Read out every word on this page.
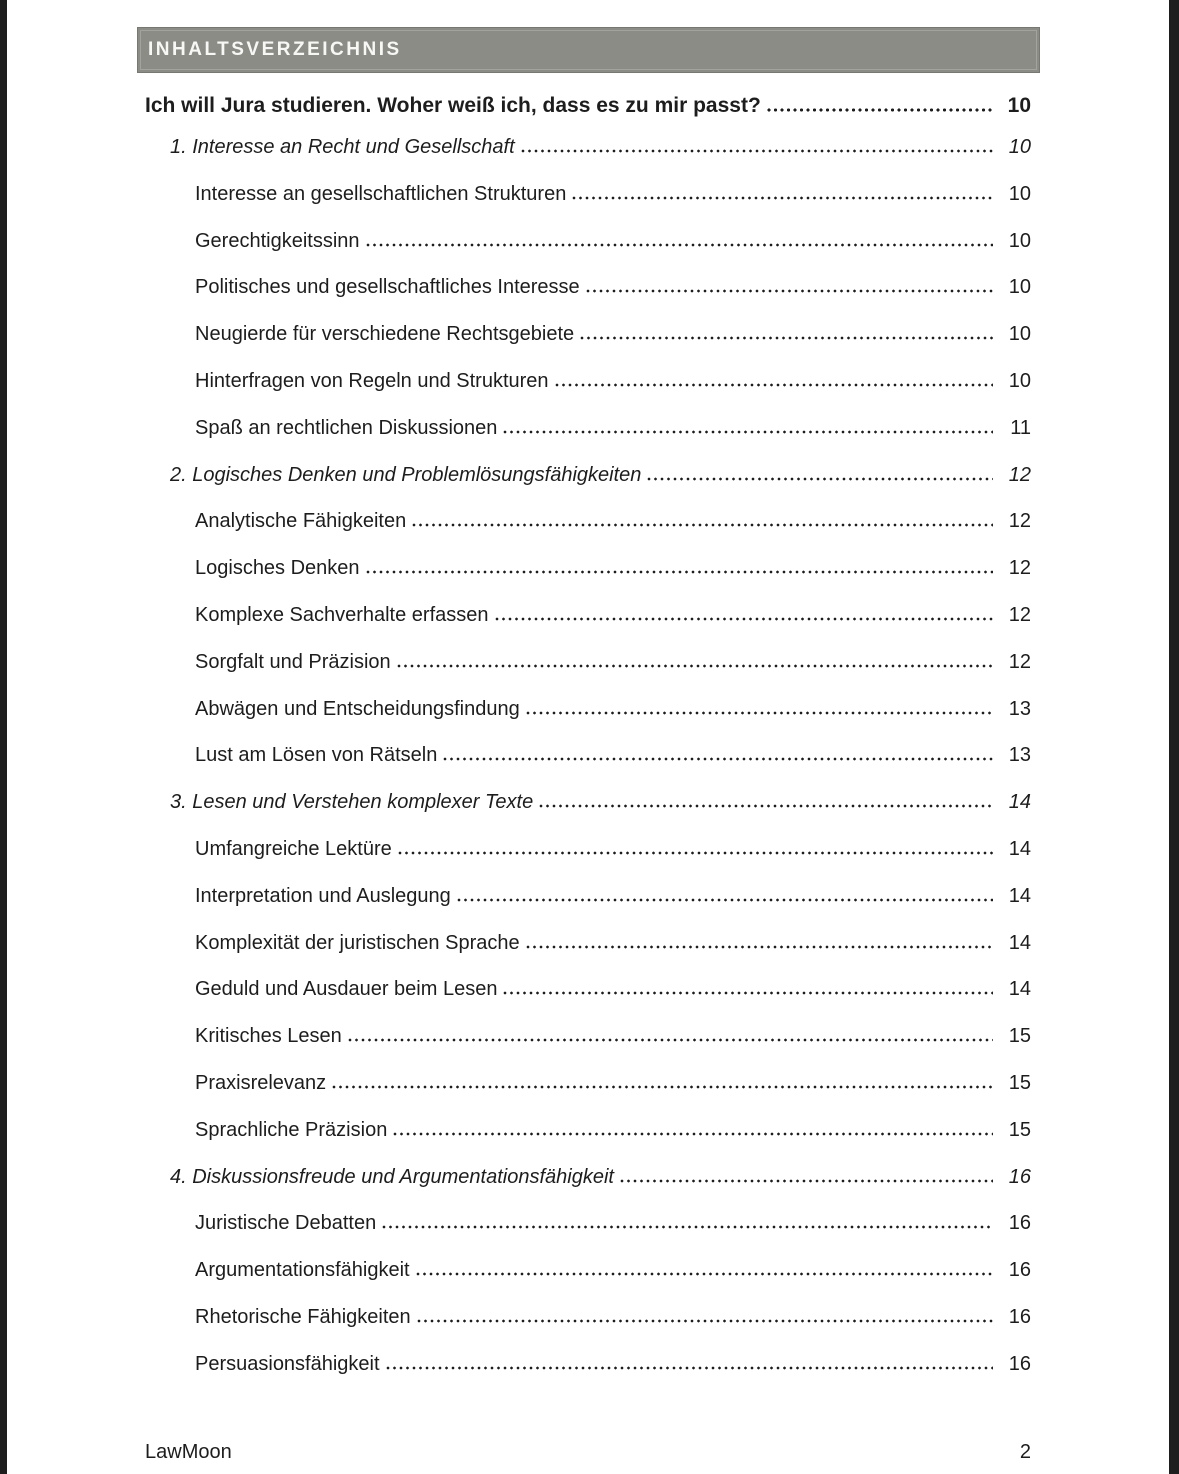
INHALTSVERZEICHNIS
Ich will Jura studieren. Woher weiß ich, dass es zu mir passt?	10
1. Interesse an Recht und Gesellschaft	10
Interesse an gesellschaftlichen Strukturen	10
Gerechtigkeitssinn	10
Politisches und gesellschaftliches Interesse	10
Neugierde für verschiedene Rechtsgebiete	10
Hinterfragen von Regeln und Strukturen	10
Spaß an rechtlichen Diskussionen	11
2. Logisches Denken und Problemlösungsfähigkeiten	12
Analytische Fähigkeiten	12
Logisches Denken	12
Komplexe Sachverhalte erfassen	12
Sorgfalt und Präzision	12
Abwägen und Entscheidungsfindung	13
Lust am Lösen von Rätseln	13
3. Lesen und Verstehen komplexer Texte	14
Umfangreiche Lektüre	14
Interpretation und Auslegung	14
Komplexität der juristischen Sprache	14
Geduld und Ausdauer beim Lesen	14
Kritisches Lesen	15
Praxisrelevanz	15
Sprachliche Präzision	15
4. Diskussionsfreude und Argumentationsfähigkeit	16
Juristische Debatten	16
Argumentationsfähigkeit	16
Rhetorische Fähigkeiten	16
Persuasionsfähigkeit	16
LawMoon	2
